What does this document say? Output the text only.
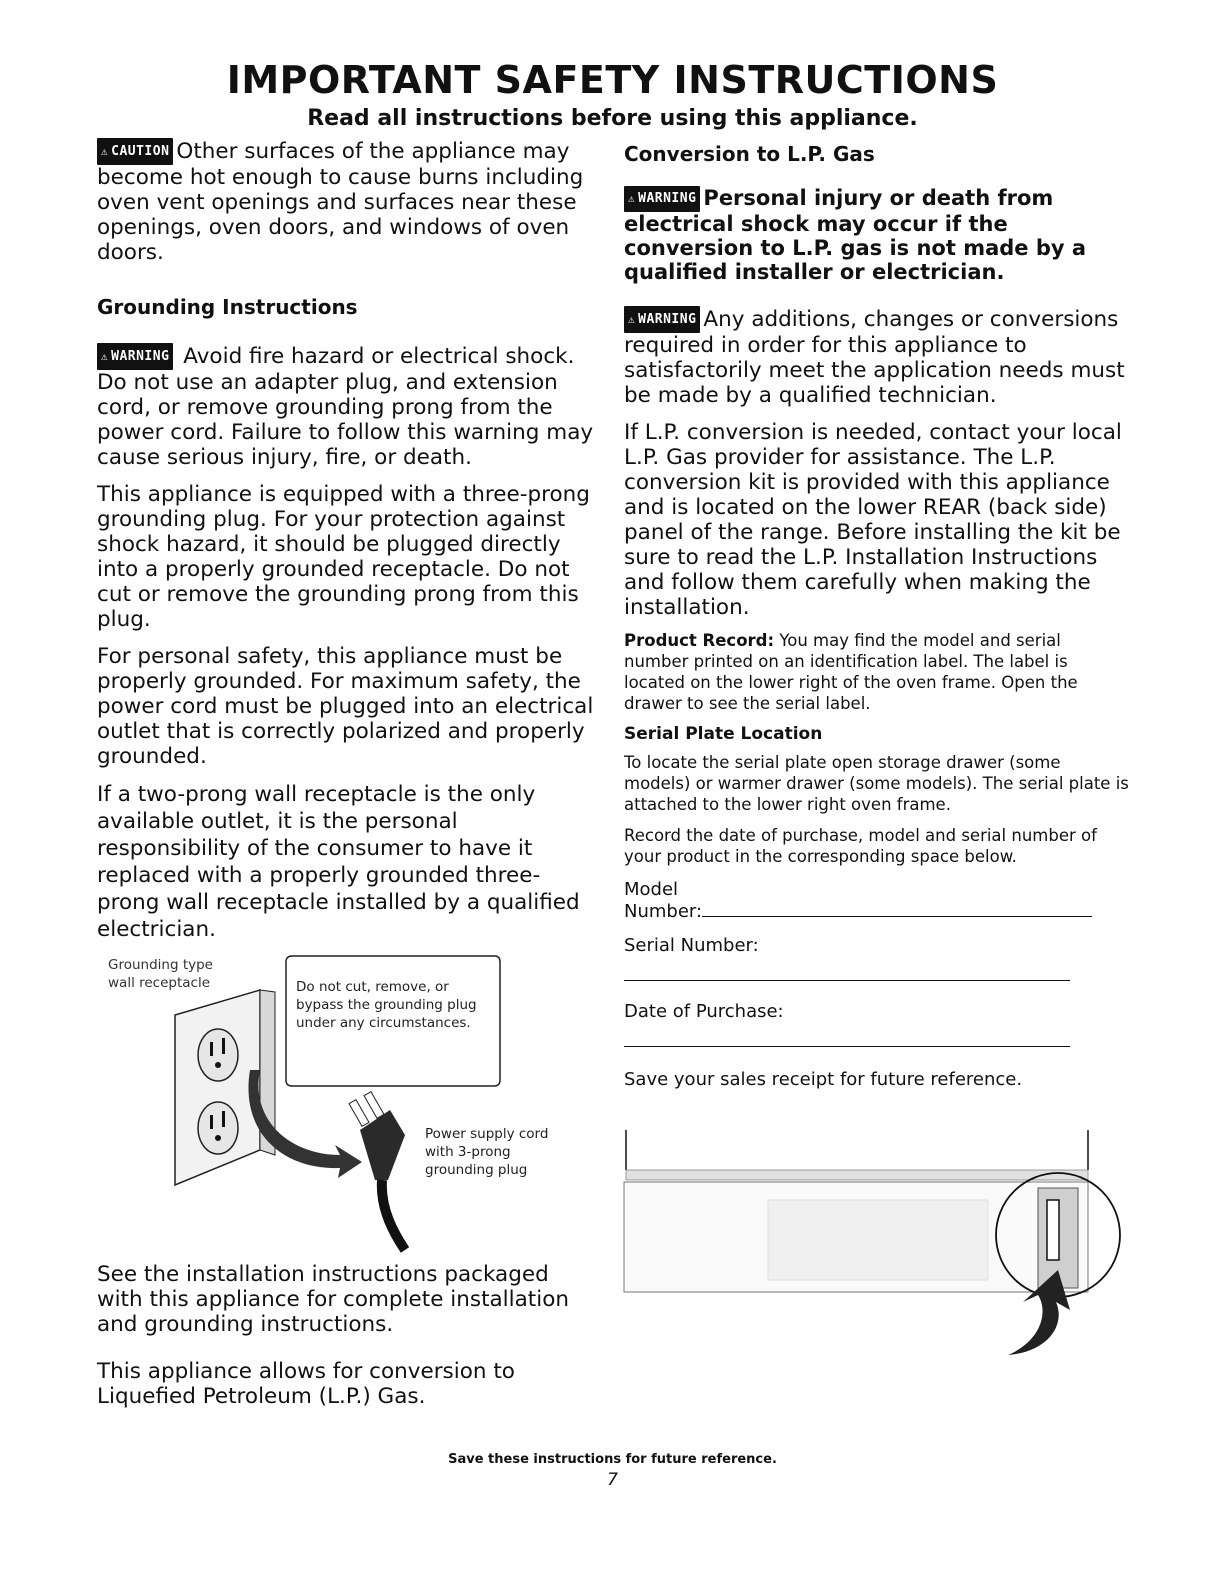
IMPORTANT SAFETY INSTRUCTIONS
Read all instructions before using this appliance.

⚠ CAUTION Other surfaces of the appliance may become hot enough to cause burns including oven vent openings and surfaces near these openings, oven doors, and windows of oven doors.

Grounding Instructions

⚠ WARNING Avoid fire hazard or electrical shock. Do not use an adapter plug, and extension cord, or remove grounding prong from the power cord. Failure to follow this warning may cause serious injury, fire, or death.

This appliance is equipped with a three-prong grounding plug. For your protection against shock hazard, it should be plugged directly into a properly grounded receptacle. Do not cut or remove the grounding prong from this plug.

For personal safety, this appliance must be properly grounded. For maximum safety, the power cord must be plugged into an electrical outlet that is correctly polarized and properly grounded.

If a two-prong wall receptacle is the only available outlet, it is the personal responsibility of the consumer to have it replaced with a properly grounded three-prong wall receptacle installed by a qualified electrician.

Grounding type wall receptacle	Do not cut, remove, or bypass the grounding plug under any circumstances.
Power supply cord with 3-prong grounding plug

See the installation instructions packaged with this appliance for complete installation and grounding instructions.

This appliance allows for conversion to Liquefied Petroleum (L.P.) Gas.

Conversion to L.P. Gas

⚠ WARNING Personal injury or death from electrical shock may occur if the conversion to L.P. gas is not made by a qualified installer or electrician.

⚠ WARNING Any additions, changes or conversions required in order for this appliance to satisfactorily meet the application needs must be made by a qualified technician.

If L.P. conversion is needed, contact your local L.P. Gas provider for assistance. The L.P. conversion kit is provided with this appliance and is located on the lower REAR (back side) panel of the range. Before installing the kit be sure to read the L.P. Installation Instructions and follow them carefully when making the installation.

Product Record: You may find the model and serial number printed on an identification label. The label is located on the lower right of the oven frame. Open the drawer to see the serial label.

Serial Plate Location

To locate the serial plate open storage drawer (some models) or warmer drawer (some models). The serial plate is attached to the lower right oven frame.

Record the date of purchase, model and serial number of your product in the corresponding space below.

Model
Number:
Serial Number:
Date of Purchase:
Save your sales receipt for future reference.
Save these instructions for future reference.
7
